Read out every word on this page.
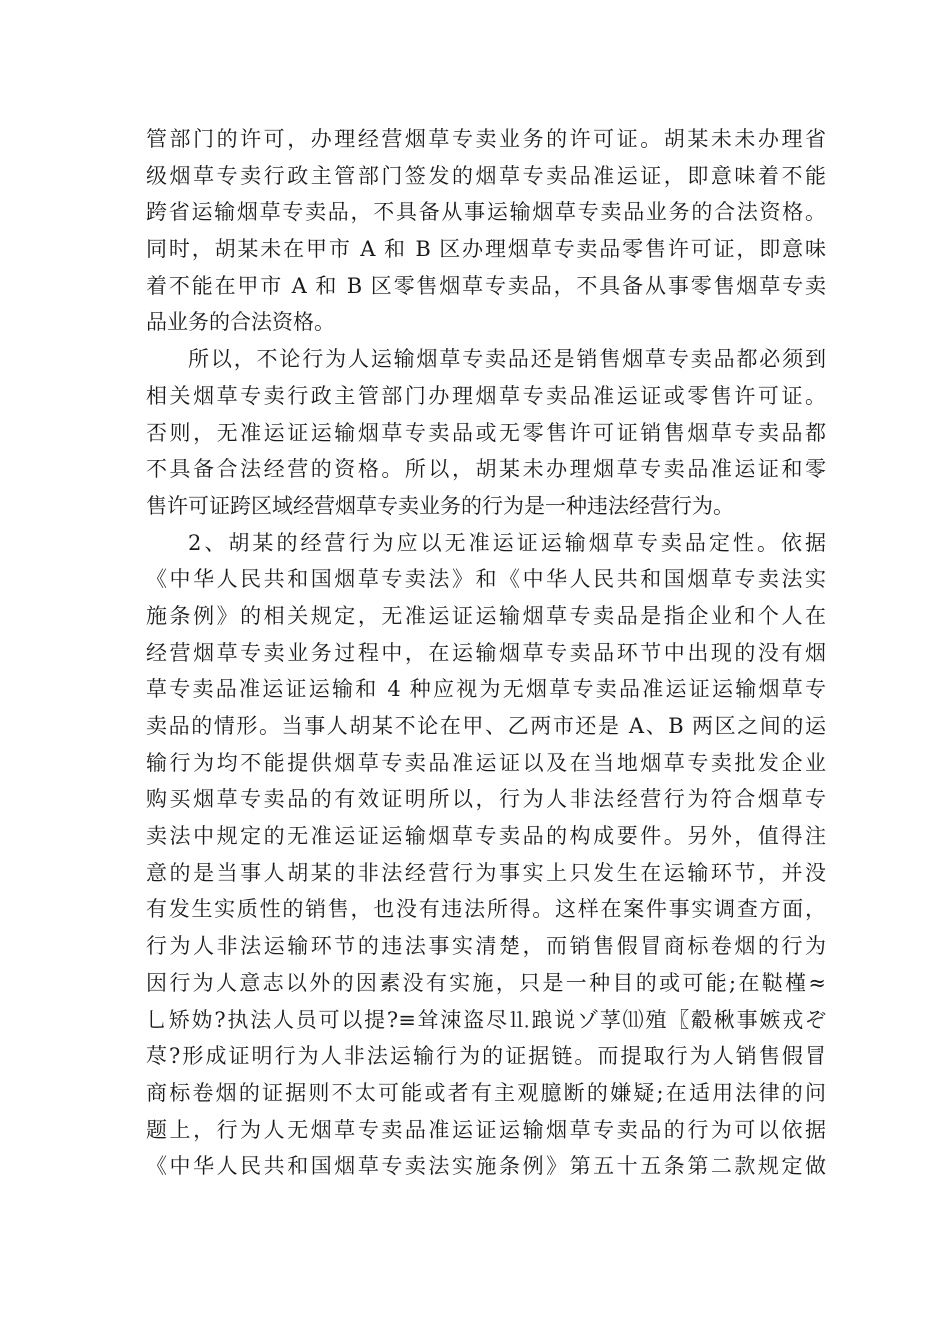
管部门的许可，办理经营烟草专卖业务的许可证。胡某未未办理省
级烟草专卖行政主管部门签发的烟草专卖品准运证，即意味着不能
跨省运输烟草专卖品，不具备从事运输烟草专卖品业务的合法资格。
同时，胡某未在甲市 A 和 B 区办理烟草专卖品零售许可证，即意味
着不能在甲市 A 和 B 区零售烟草专卖品，不具备从事零售烟草专卖
品业务的合法资格。
所以，不论行为人运输烟草专卖品还是销售烟草专卖品都必须到
相关烟草专卖行政主管部门办理烟草专卖品准运证或零售许可证。
否则，无准运证运输烟草专卖品或无零售许可证销售烟草专卖品都
不具备合法经营的资格。所以，胡某未办理烟草专卖品准运证和零
售许可证跨区域经营烟草专卖业务的行为是一种违法经营行为。
2、胡某的经营行为应以无准运证运输烟草专卖品定性。依据
《中华人民共和国烟草专卖法》和《中华人民共和国烟草专卖法实
施条例》的相关规定，无准运证运输烟草专卖品是指企业和个人在
经营烟草专卖业务过程中，在运输烟草专卖品环节中出现的没有烟
草专卖品准运证运输和 4 种应视为无烟草专卖品准运证运输烟草专
卖品的情形。当事人胡某不论在甲、乙两市还是 A、B 两区之间的运
输行为均不能提供烟草专卖品准运证以及在当地烟草专卖批发企业
购买烟草专卖品的有效证明所以，行为人非法经营行为符合烟草专
卖法中规定的无准运证运输烟草专卖品的构成要件。另外，值得注
意的是当事人胡某的非法经营行为事实上只发生在运输环节，并没
有发生实质性的销售，也没有违法所得。这样在案件事实调查方面，
行为人非法运输环节的违法事实清楚，而销售假冒商标卷烟的行为
因行为人意志以外的因素没有实施，只是一种目的或可能;在鞑槿≈
乚矫妫?执法人员可以提?≡耸涑盗尽⒒踉说ゾ莩⑾殖〖觳楸事嫉戎ぞ
荩?形成证明行为人非法运输行为的证据链。而提取行为人销售假冒
商标卷烟的证据则不太可能或者有主观臆断的嫌疑;在适用法律的问
题上，行为人无烟草专卖品准运证运输烟草专卖品的行为可以依据
《中华人民共和国烟草专卖法实施条例》第五十五条第二款规定做
